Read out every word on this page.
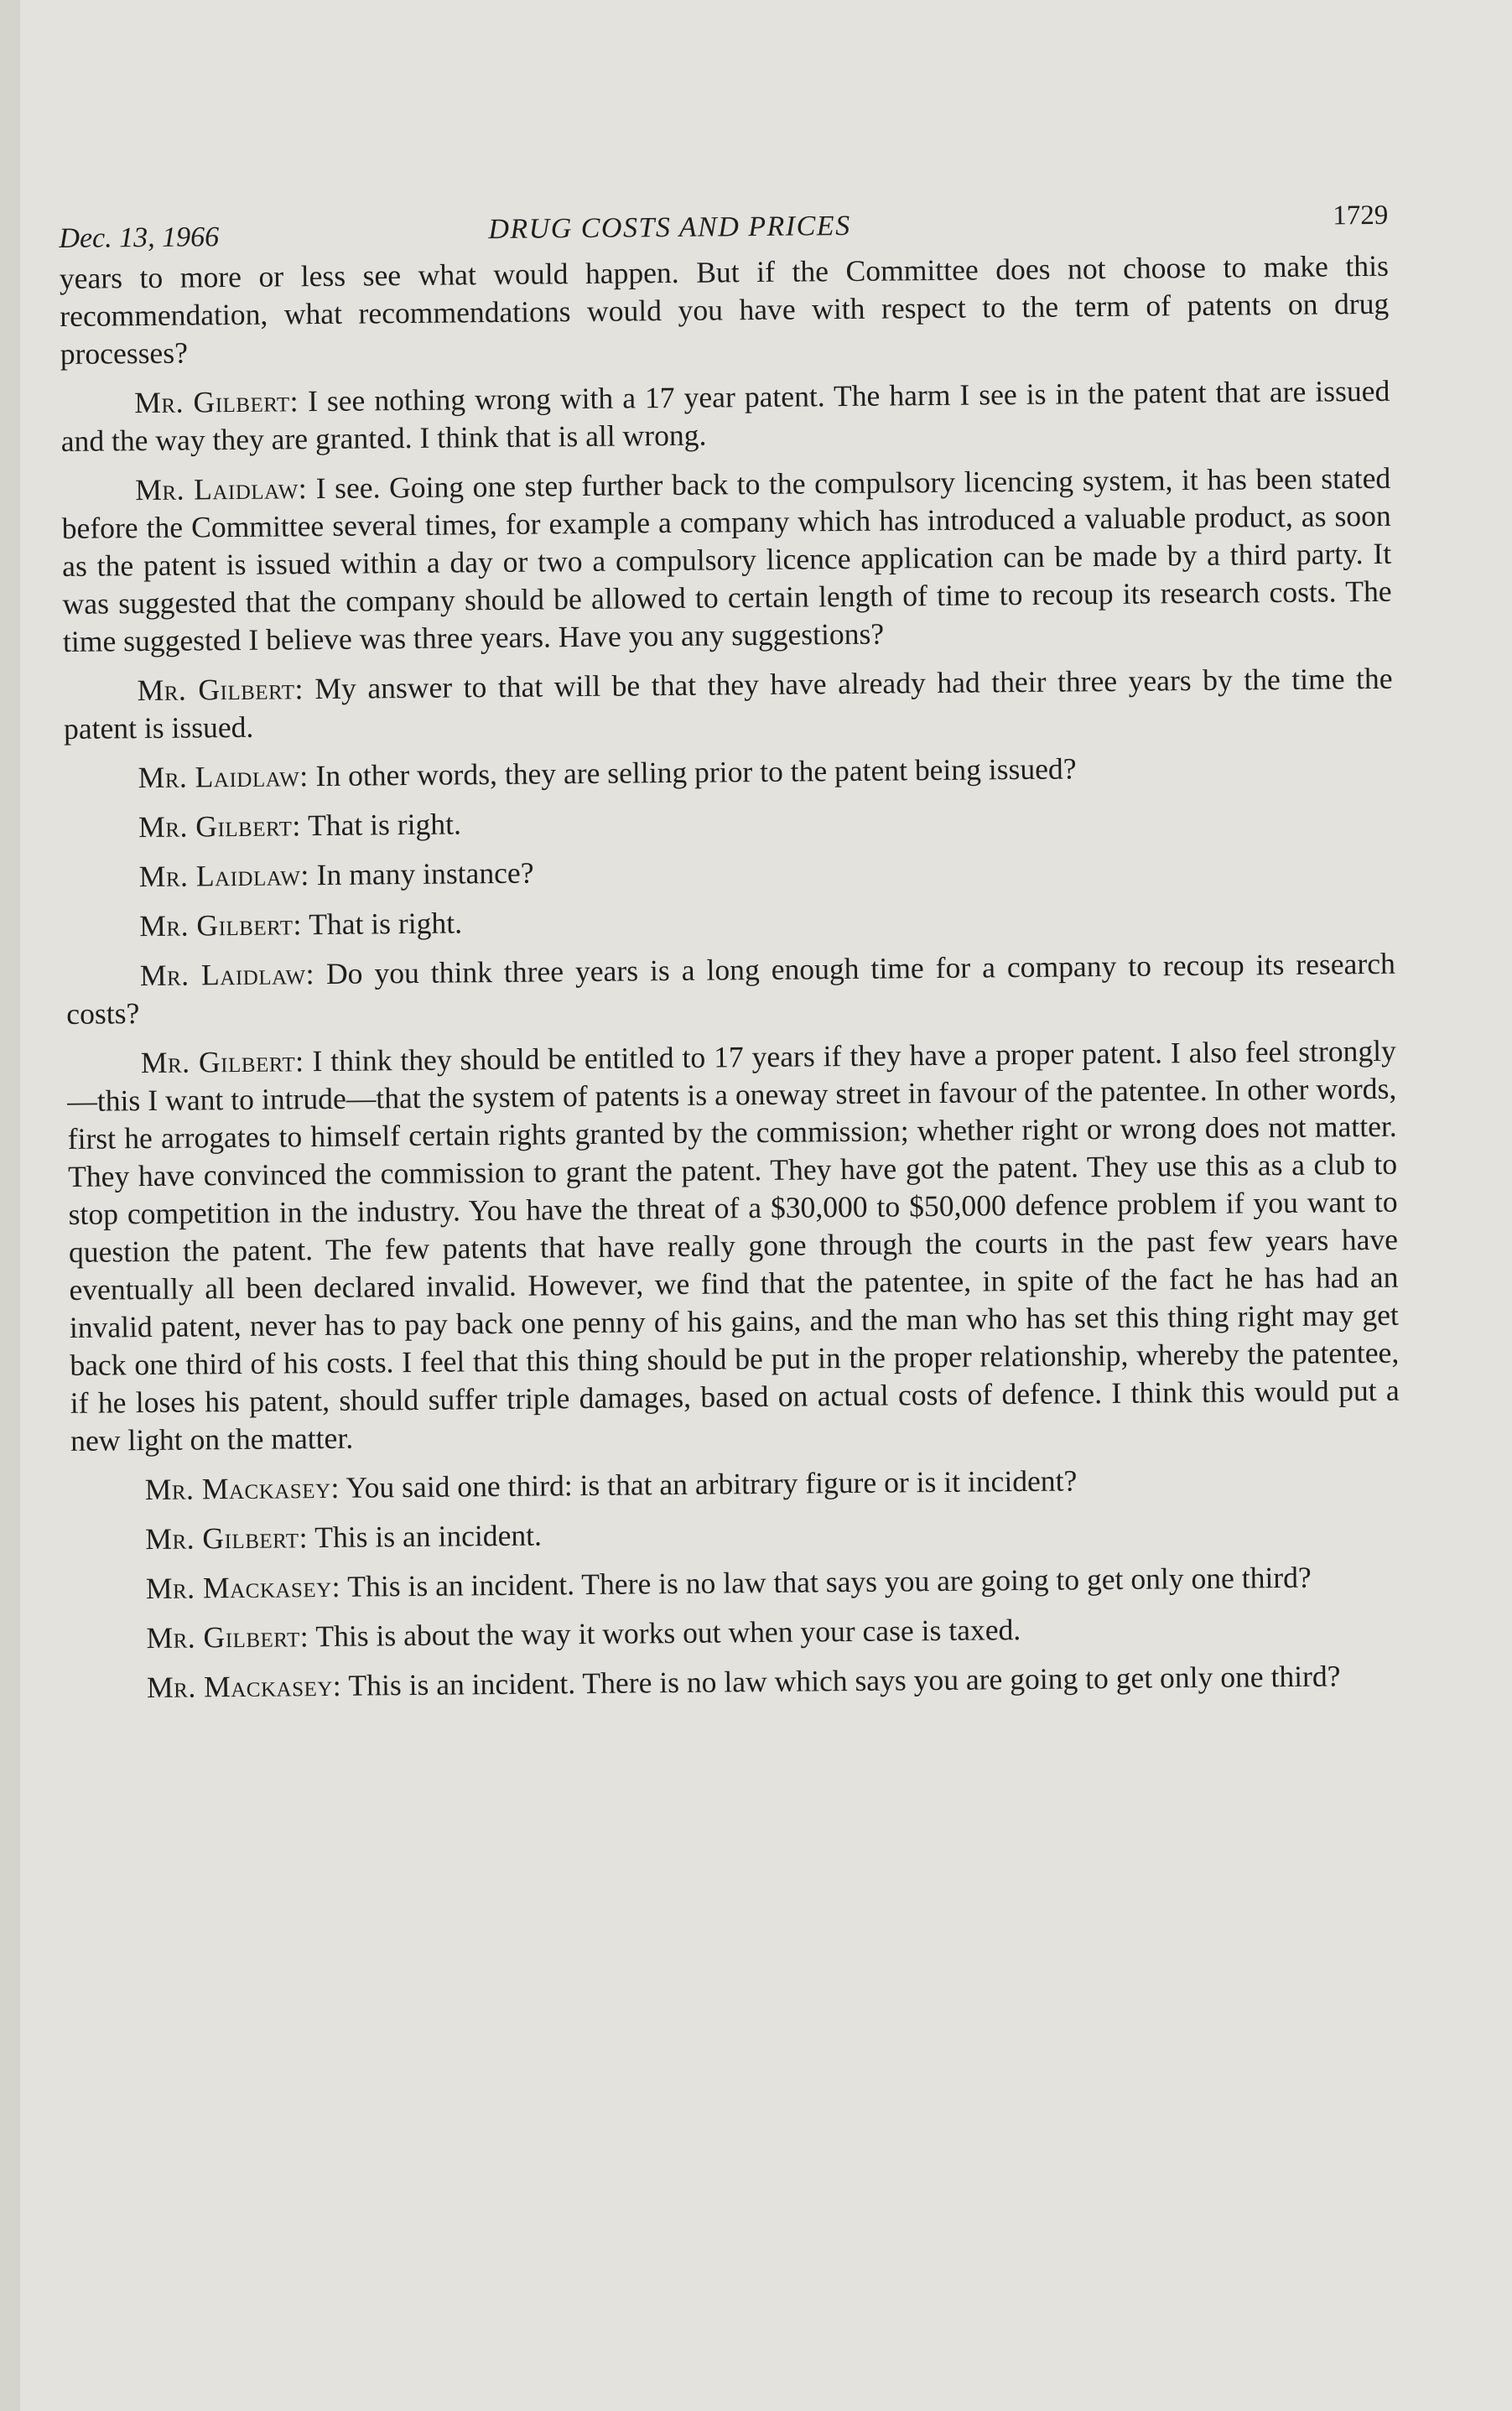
Dec. 13, 1966	DRUG COSTS AND PRICES	1729

years to more or less see what would happen. But if the Committee does not choose to make this recommendation, what recommendations would you have with respect to the term of patents on drug processes?

Mr. Gilbert: I see nothing wrong with a 17 year patent. The harm I see is in the patent that are issued and the way they are granted. I think that is all wrong.

Mr. Laidlaw: I see. Going one step further back to the compulsory licencing system, it has been stated before the Committee several times, for example a company which has introduced a valuable product, as soon as the patent is issued within a day or two a compulsory licence application can be made by a third party. It was suggested that the company should be allowed to certain length of time to recoup its research costs. The time suggested I believe was three years. Have you any suggestions?

Mr. Gilbert: My answer to that will be that they have already had their three years by the time the patent is issued.

Mr. Laidlaw: In other words, they are selling prior to the patent being issued?

Mr. Gilbert: That is right.

Mr. Laidlaw: In many instance?

Mr. Gilbert: That is right.

Mr. Laidlaw: Do you think three years is a long enough time for a company to recoup its research costs?

Mr. Gilbert: I think they should be entitled to 17 years if they have a proper patent. I also feel strongly—this I want to intrude—that the system of patents is a oneway street in favour of the patentee. In other words, first he arrogates to himself certain rights granted by the commission; whether right or wrong does not matter. They have convinced the commission to grant the patent. They have got the patent. They use this as a club to stop competition in the industry. You have the threat of a $30,000 to $50,000 defence problem if you want to question the patent. The few patents that have really gone through the courts in the past few years have eventually all been declared invalid. However, we find that the patentee, in spite of the fact he has had an invalid patent, never has to pay back one penny of his gains, and the man who has set this thing right may get back one third of his costs. I feel that this thing should be put in the proper relationship, whereby the patentee, if he loses his patent, should suffer triple damages, based on actual costs of defence. I think this would put a new light on the matter.

Mr. Mackasey: You said one third: is that an arbitrary figure or is it incident?

Mr. Gilbert: This is an incident.

Mr. Mackasey: This is an incident. There is no law that says you are going to get only one third?

Mr. Gilbert: This is about the way it works out when your case is taxed.

Mr. Mackasey: This is an incident. There is no law which says you are going to get only one third?
